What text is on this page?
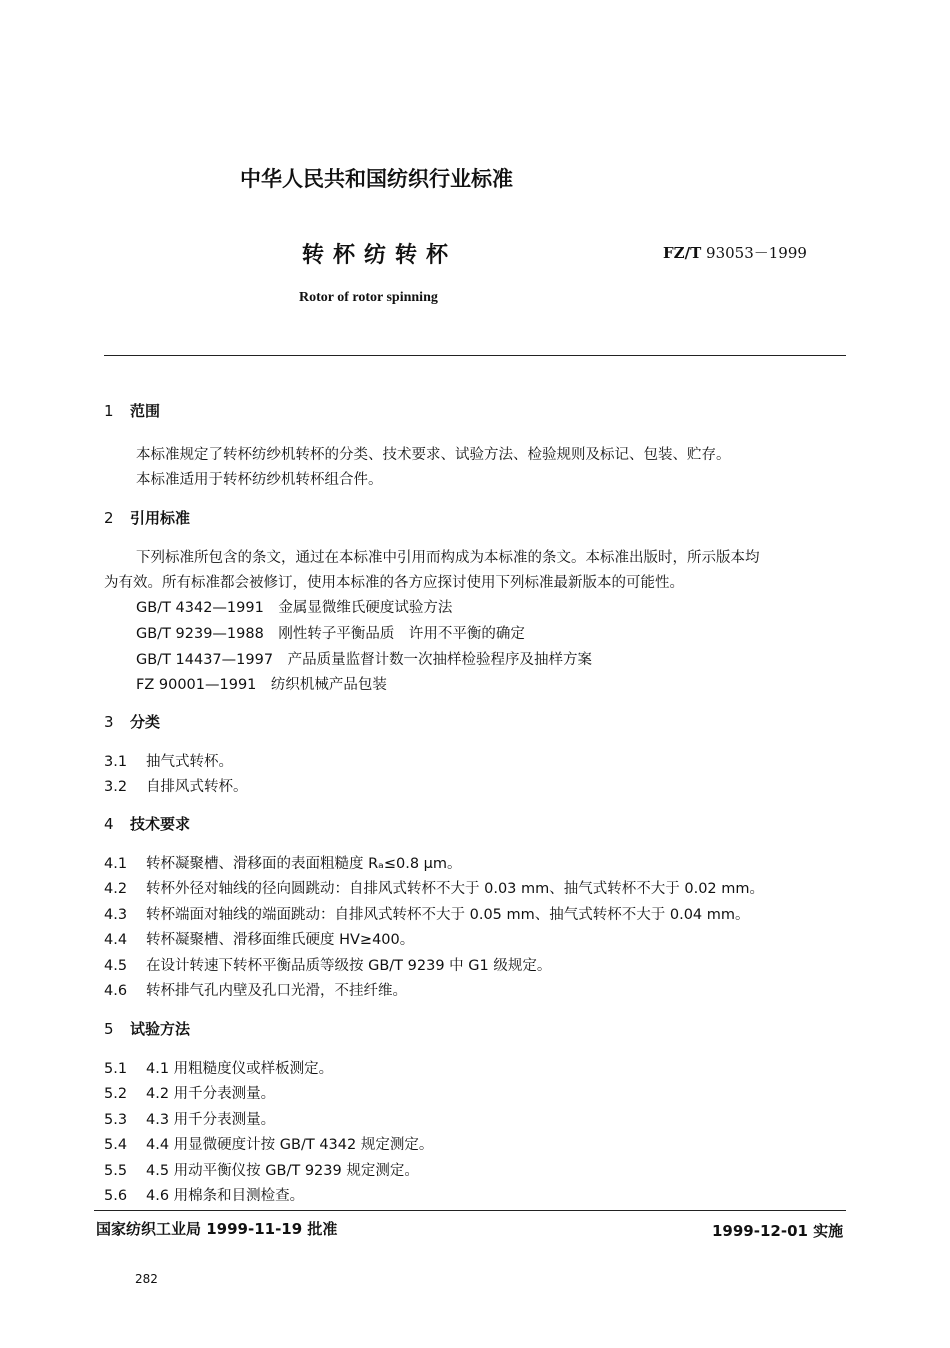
中华人民共和国纺织行业标准
转杯纺转杯	FZ/T 93053－1999
Rotor of rotor spinning
1 范围
本标准规定了转杯纺纱机转杯的分类、技术要求、试验方法、检验规则及标记、包装、贮存。
本标准适用于转杯纺纱机转杯组合件。
2 引用标准
下列标准所包含的条文，通过在本标准中引用而构成为本标准的条文。本标准出版时，所示版本均
为有效。所有标准都会被修订，使用本标准的各方应探讨使用下列标准最新版本的可能性。
GB/T 4342—1991　金属显微维氏硬度试验方法
GB/T 9239—1988　刚性转子平衡品质　许用不平衡的确定
GB/T 14437—1997　产品质量监督计数一次抽样检验程序及抽样方案
FZ 90001—1991　纺织机械产品包装
3 分类
3.1 抽气式转杯。
3.2 自排风式转杯。
4 技术要求
4.1 转杯凝聚槽、滑移面的表面粗糙度 Rₐ≤0.8 μm。
4.2 转杯外径对轴线的径向圆跳动：自排风式转杯不大于 0.03 mm、抽气式转杯不大于 0.02 mm。
4.3 转杯端面对轴线的端面跳动：自排风式转杯不大于 0.05 mm、抽气式转杯不大于 0.04 mm。
4.4 转杯凝聚槽、滑移面维氏硬度 HV≥400。
4.5 在设计转速下转杯平衡品质等级按 GB/T 9239 中 G1 级规定。
4.6 转杯排气孔内壁及孔口光滑，不挂纤维。
5 试验方法
5.1 4.1 用粗糙度仪或样板测定。
5.2 4.2 用千分表测量。
5.3 4.3 用千分表测量。
5.4 4.4 用显微硬度计按 GB/T 4342 规定测定。
5.5 4.5 用动平衡仪按 GB/T 9239 规定测定。
5.6 4.6 用棉条和目测检查。
国家纺织工业局 1999-11-19 批准	1999-12-01 实施
282
